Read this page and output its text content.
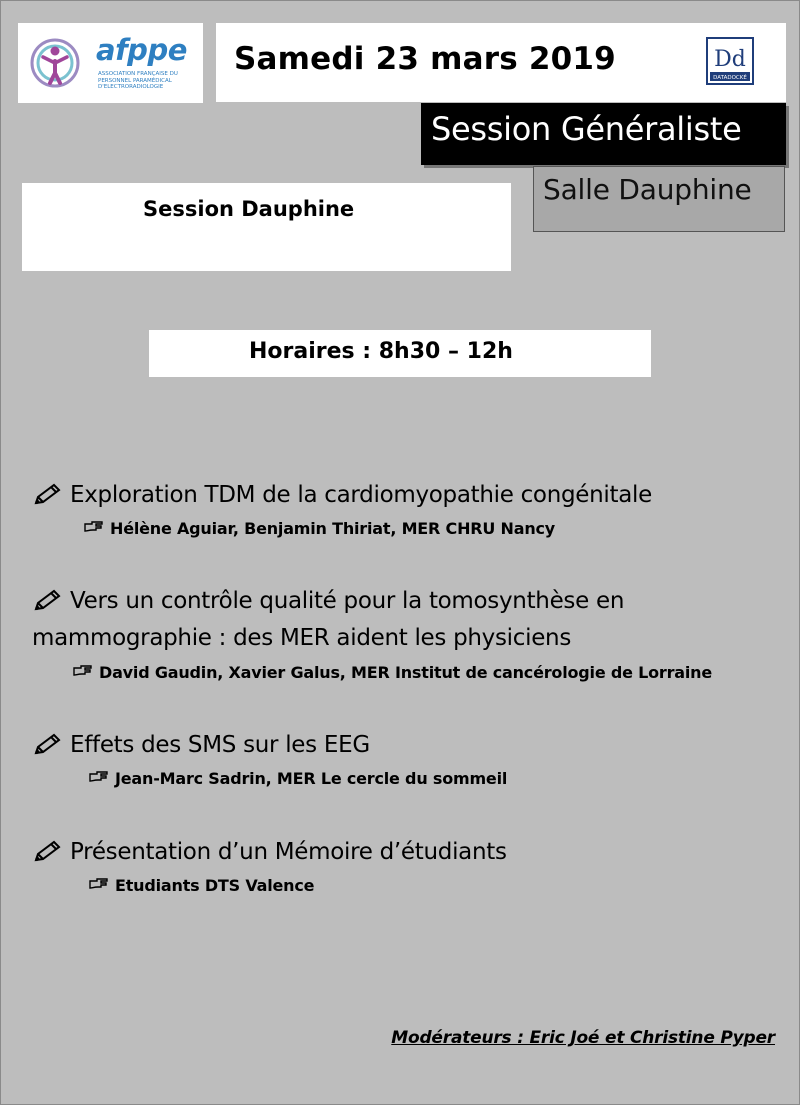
afppe
ASSOCIATION FRANÇAISE DU PERSONNEL PARAMÉDICAL D'ELECTRORADIOLOGIE
Samedi 23 mars 2019	Dd
DATADOCKÉ
Session Généraliste
Salle Dauphine
Session Dauphine
Horaires : 8h30 – 12h
Exploration TDM de la cardiomyopathie congénitale
Hélène Aguiar, Benjamin Thiriat, MER CHRU Nancy
Vers un contrôle qualité pour la tomosynthèse en
mammographie : des MER aident les physiciens
David Gaudin, Xavier Galus, MER Institut de cancérologie de Lorraine
Effets des SMS sur les EEG
Jean-Marc Sadrin, MER Le cercle du sommeil
Présentation d’un Mémoire d’étudiants
Etudiants DTS Valence
Modérateurs : Eric Joé et Christine Pyper
